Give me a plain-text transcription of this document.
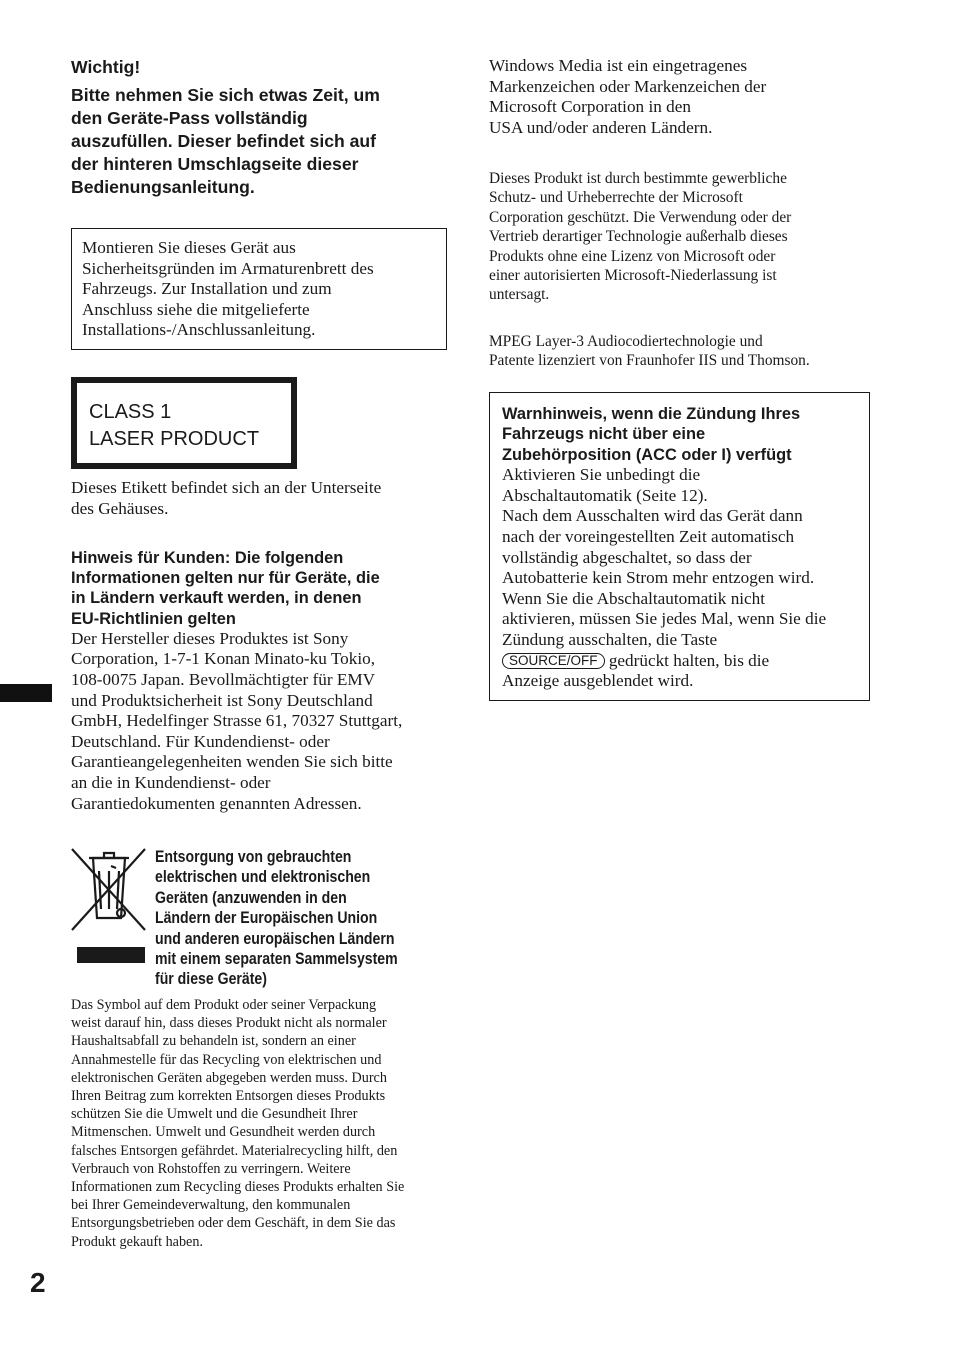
Wichtig!

Bitte nehmen Sie sich etwas Zeit, um
den Geräte-Pass vollständig
auszufüllen. Dieser befindet sich auf
der hinteren Umschlagseite dieser
Bedienungsanleitung.

Montieren Sie dieses Gerät aus
Sicherheitsgründen im Armaturenbrett des
Fahrzeugs. Zur Installation und zum
Anschluss siehe die mitgelieferte
Installations-/Anschlussanleitung.

CLASS 1
LASER PRODUCT

Dieses Etikett befindet sich an der Unterseite
des Gehäuses.

Hinweis für Kunden: Die folgenden
Informationen gelten nur für Geräte, die
in Ländern verkauft werden, in denen
EU-Richtlinien gelten

Der Hersteller dieses Produktes ist Sony
Corporation, 1-7-1 Konan Minato-ku Tokio,
108-0075 Japan. Bevollmächtigter für EMV
und Produktsicherheit ist Sony Deutschland
GmbH, Hedelfinger Strasse 61, 70327 Stuttgart,
Deutschland. Für Kundendienst- oder
Garantieangelegenheiten wenden Sie sich bitte
an die in Kundendienst- oder
Garantiedokumenten genannten Adressen.

Entsorgung von gebrauchten
elektrischen und elektronischen
Geräten (anzuwenden in den
Ländern der Europäischen Union
und anderen europäischen Ländern
mit einem separaten Sammelsystem
für diese Geräte)

Das Symbol auf dem Produkt oder seiner Verpackung
weist darauf hin, dass dieses Produkt nicht als normaler
Haushaltsabfall zu behandeln ist, sondern an einer
Annahmestelle für das Recycling von elektrischen und
elektronischen Geräten abgegeben werden muss. Durch
Ihren Beitrag zum korrekten Entsorgen dieses Produkts
schützen Sie die Umwelt und die Gesundheit Ihrer
Mitmenschen. Umwelt und Gesundheit werden durch
falsches Entsorgen gefährdet. Materialrecycling hilft, den
Verbrauch von Rohstoffen zu verringern. Weitere
Informationen zum Recycling dieses Produkts erhalten Sie
bei Ihrer Gemeindeverwaltung, den kommunalen
Entsorgungsbetrieben oder dem Geschäft, in dem Sie das
Produkt gekauft haben.

Windows Media ist ein eingetragenes
Markenzeichen oder Markenzeichen der
Microsoft Corporation in den
USA und/oder anderen Ländern.

Dieses Produkt ist durch bestimmte gewerbliche
Schutz- und Urheberrechte der Microsoft
Corporation geschützt. Die Verwendung oder der
Vertrieb derartiger Technologie außerhalb dieses
Produkts ohne eine Lizenz von Microsoft oder
einer autorisierten Microsoft-Niederlassung ist
untersagt.

MPEG Layer-3 Audiocodiertechnologie und
Patente lizenziert von Fraunhofer IIS und Thomson.

Warnhinweis, wenn die Zündung Ihres
Fahrzeugs nicht über eine
Zubehörposition (ACC oder I) verfügt

Aktivieren Sie unbedingt die
Abschaltautomatik (Seite 12).
Nach dem Ausschalten wird das Gerät dann
nach der voreingestellten Zeit automatisch
vollständig abgeschaltet, so dass der
Autobatterie kein Strom mehr entzogen wird.
Wenn Sie die Abschaltautomatik nicht
aktivieren, müssen Sie jedes Mal, wenn Sie die
Zündung ausschalten, die Taste

SOURCE/OFF gedrückt halten, bis die

Anzeige ausgeblendet wird.

2
